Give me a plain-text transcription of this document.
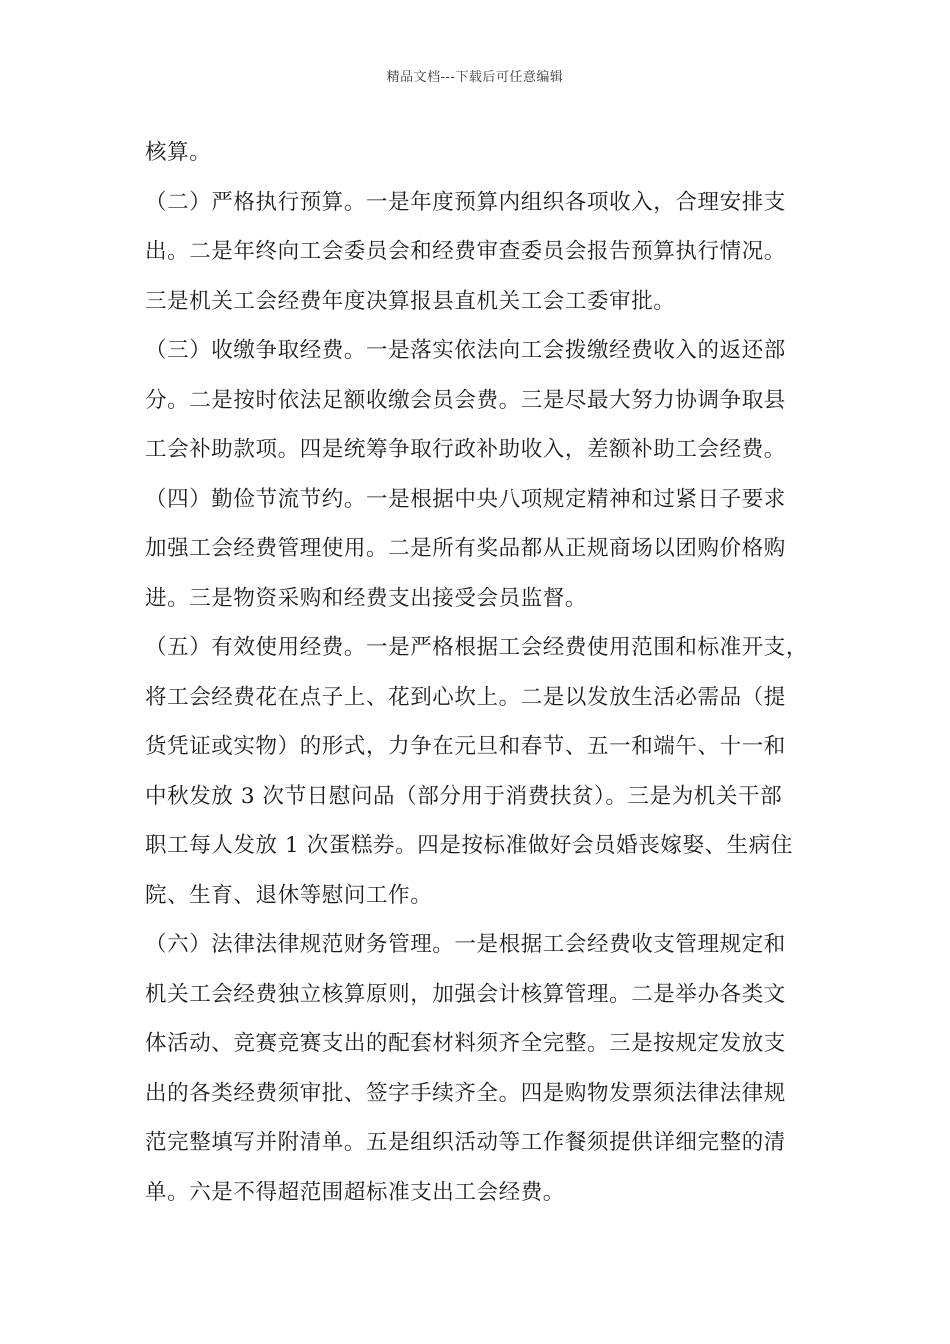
精品文档---下载后可任意编辑
核算。
（二）严格执行预算。一是年度预算内组织各项收入，合理安排支
出。二是年终向工会委员会和经费审查委员会报告预算执行情况。
三是机关工会经费年度决算报县直机关工会工委审批。
（三）收缴争取经费。一是落实依法向工会拨缴经费收入的返还部
分。二是按时依法足额收缴会员会费。三是尽最大努力协调争取县
工会补助款项。四是统筹争取行政补助收入，差额补助工会经费。
（四）勤俭节流节约。一是根据中央八项规定精神和过紧日子要求
加强工会经费管理使用。二是所有奖品都从正规商场以团购价格购
进。三是物资采购和经费支出接受会员监督。
（五）有效使用经费。一是严格根据工会经费使用范围和标准开支，
将工会经费花在点子上、花到心坎上。二是以发放生活必需品（提
货凭证或实物）的形式，力争在元旦和春节、五一和端午、十一和
中秋发放 3 次节日慰问品（部分用于消费扶贫）。三是为机关干部
职工每人发放 1 次蛋糕券。四是按标准做好会员婚丧嫁娶、生病住
院、生育、退休等慰问工作。
（六）法律法律规范财务管理。一是根据工会经费收支管理规定和
机关工会经费独立核算原则，加强会计核算管理。二是举办各类文
体活动、竞赛竞赛支出的配套材料须齐全完整。三是按规定发放支
出的各类经费须审批、签字手续齐全。四是购物发票须法律法律规
范完整填写并附清单。五是组织活动等工作餐须提供详细完整的清
单。六是不得超范围超标准支出工会经费。
